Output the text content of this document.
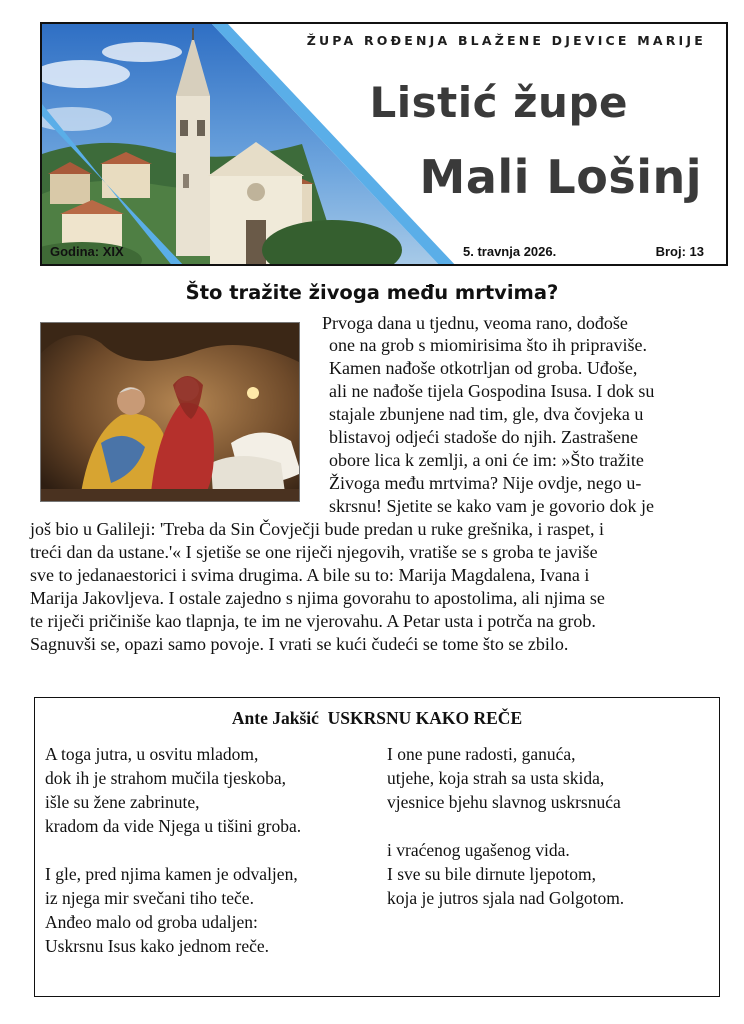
ŽUPA ROĐENJA BLAŽENE DJEVICE MARIJE
Listić župe
Mali Lošinj
Godina: XIX	5. travnja 2026.	Broj: 13
Što tražite živoga među mrtvima?
Prvoga dana u tjednu, veoma rano, dođoše
one na grob s miomirisima što ih pripraviše.
Kamen nađoše otkotrljan od groba. Uđoše,
ali ne nađoše tijela Gospodina Isusa. I dok su
stajale zbunjene nad tim, gle, dva čovjeka u
blistavoj odjeći stadoše do njih. Zastrašene
obore lica k zemlji, a oni će im: »Što tražite
Živoga među mrtvima? Nije ovdje, nego u-
skrsnu! Sjetite se kako vam je govorio dok je
još bio u Galileji: 'Treba da Sin Čovječji bude predan u ruke grešnika, i raspet, i
treći dan da ustane.'« I sjetiše se one riječi njegovih, vratiše se s groba te javiše
sve to jedanaestorici i svima drugima. A bile su to: Marija Magdalena, Ivana i
Marija Jakovljeva. I ostale zajedno s njima govorahu to apostolima, ali njima se
te riječi pričiniše kao tlapnja, te im ne vjerovahu. A Petar usta i potrča na grob.
Sagnuvši se, opazi samo povoje. I vrati se kući čudeći se tome što se zbilo.
Ante Jakšić  USKRSNU KAKO REČE
A toga jutra, u osvitu mladom,
dok ih je strahom mučila tjeskoba,
išle su žene zabrinute,
kradom da vide Njega u tišini groba.
I gle, pred njima kamen je odvaljen,
iz njega mir svečani tiho teče.
Anđeo malo od groba udaljen:
Uskrsnu Isus kako jednom reče.
I one pune radosti, ganuća,
utjehe, koja strah sa usta skida,
vjesnice bjehu slavnog uskrsnuća
i vraćenog ugašenog vida.
I sve su bile dirnute ljepotom,
koja je jutros sjala nad Golgotom.
